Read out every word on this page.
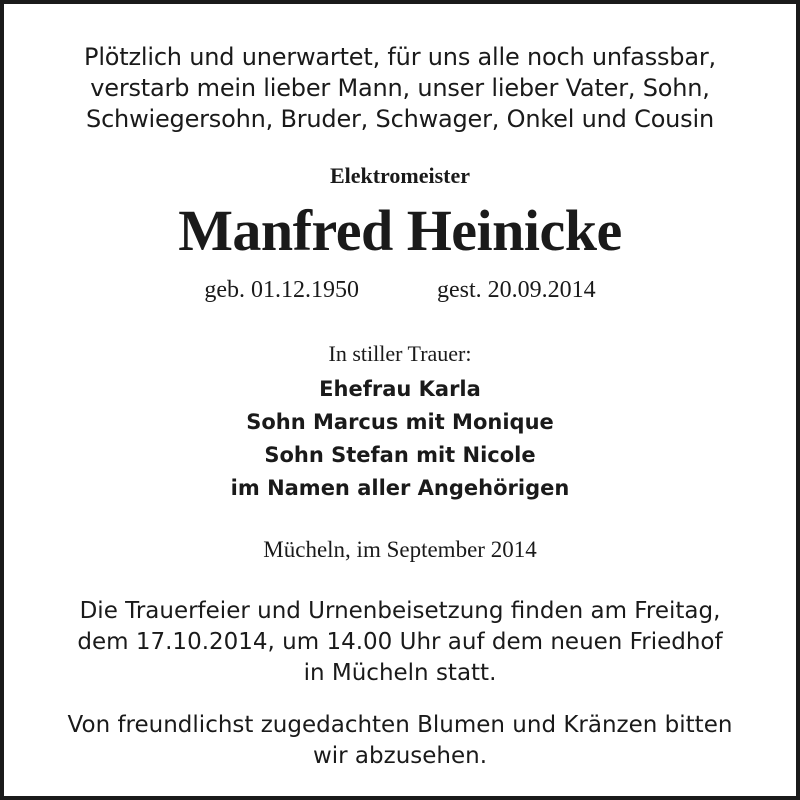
Plötzlich und unerwartet, für uns alle noch unfassbar,
verstarb mein lieber Mann, unser lieber Vater, Sohn,
Schwiegersohn, Bruder, Schwager, Onkel und Cousin
Elektromeister
Manfred Heinicke
geb. 01.12.1950	gest. 20.09.2014
In stiller Trauer:
Ehefrau Karla
Sohn Marcus mit Monique
Sohn Stefan mit Nicole
im Namen aller Angehörigen
Mücheln, im September 2014
Die Trauerfeier und Urnenbeisetzung finden am Freitag,
dem 17.10.2014, um 14.00 Uhr auf dem neuen Friedhof
in Mücheln statt.
Von freundlichst zugedachten Blumen und Kränzen bitten
wir abzusehen.
